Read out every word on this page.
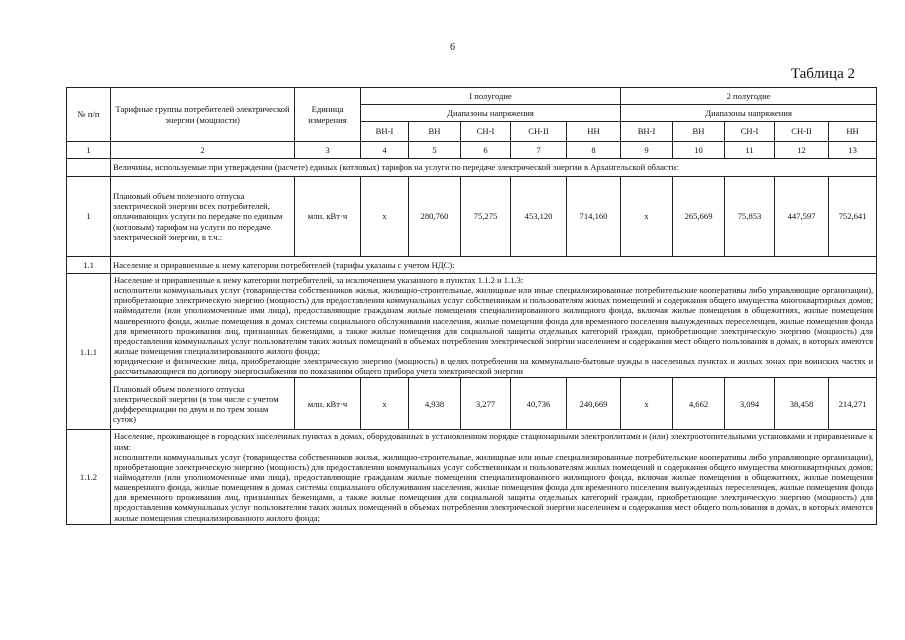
6
Таблица 2
№ п/п	Тарифные группы потребителей электрической энергии (мощности)	Единица измерения	I полугодие					2 полугодие				
			Диапазоны напряжения					Диапазоны напряжения				
			ВН-I	ВН	СН-I	СН-II	НН	ВН-I	ВН	СН-I	СН-II	НН
1	2	3	4	5	6	7	8	9	10	11	12	13
	Величины, используемые при утверждении (расчете) единых (котловых) тарифов на услуги по передаче электрической энергии в Архангельской области:											
1	Плановый объем полезного отпуска электрической энергии всех потребителей, оплачивающих услуги по передаче по единым (котловым) тарифам на услуги по передаче электрической энергии, в т.ч.:	млн. кВт·ч	х	280,760	75,275	453,120	714,160	х	265,669	75,853	447,597	752,641
1.1	Население и приравненные к нему категории потребителей (тарифы указаны с учетом НДС):											
1.1.1	Население и приравненные к нему категории потребителей, за исключением указанного в пунктах 1.1.2 и 1.1.3:
исполнители коммунальных услуг (товарищества собственников жилья, жилищно-строительные, жилищные или иные специализированные потребительские кооперативы либо управляющие организации), приобретающие электрическую энергию (мощность) для предоставления коммунальных услуг собственникам и пользователям жилых помещений и содержания общего имущества многоквартирных домов; наймодатели (или уполномоченные ими лица), предоставляющие гражданам жилые помещения специализированного жилищного фонда, включая жилые помещения в общежитиях, жилые помещения маневренного фонда, жилые помещения в домах системы социального обслуживания населения, жилые помещения фонда для временного поселения вынужденных переселенцев, жилые помещения фонда для временного проживания лиц, признанных беженцами, а также жилые помещения для социальной защиты отдельных категорий граждан, приобретающие электрическую энергию (мощность) для предоставления коммунальных услуг пользователям таких жилых помещений в объемах потребления электрической энергии населением и содержания мест общего пользования в домах, в которых имеются жилые помещения специализированного жилого фонда;
юридические и физические лица, приобретающие электрическую энергию (мощность) в целях потребления на коммунально-бытовые нужды в населенных пунктах и жилых зонах при воинских частях и рассчитывающиеся по договору энергоснабжения по показаниям общего прибора учета электрической энергии											

	Плановый объем полезного отпуска электрической энергии (в том числе с учетом дифференциации по двум и по трем зонам суток)	млн. кВт·ч	х	4,938	3,277	40,736	240,669	х	4,662	3,094	38,458	214,271
1.1.2	Население, проживающее в городских населенных пунктах в домах, оборудованных в установленном порядке стационарными электроплитами и (или) электроотопительными установками и приравненные к ним:
исполнители коммунальных услуг (товарищества собственников жилья, жилищно-строительные, жилищные или иные специализированные потребительские кооперативы либо управляющие организации), приобретающие электрическую энергию (мощность) для предоставления коммунальных услуг собственникам и пользователям жилых помещений и содержания общего имущества многоквартирных домов; наймодатели (или уполномоченные ими лица), предоставляющие гражданам жилые помещения специализированного жилищного фонда, включая жилые помещения в общежитиях, жилые помещения маневренного фонда, жилые помещения в домах системы социального обслуживания населения, жилые помещения фонда для временного поселения вынужденных переселенцев, жилые помещения фонда для временного проживания лиц, признанных беженцами, а также жилые помещения для социальной защиты отдельных категорий граждан, приобретающие электрическую энергию (мощность) для предоставления коммунальных услуг пользователям таких жилых помещений в объемах потребления электрической энергии населением и содержания мест общего пользования в домах, в которых имеются жилые помещения специализированного жилого фонда;											
